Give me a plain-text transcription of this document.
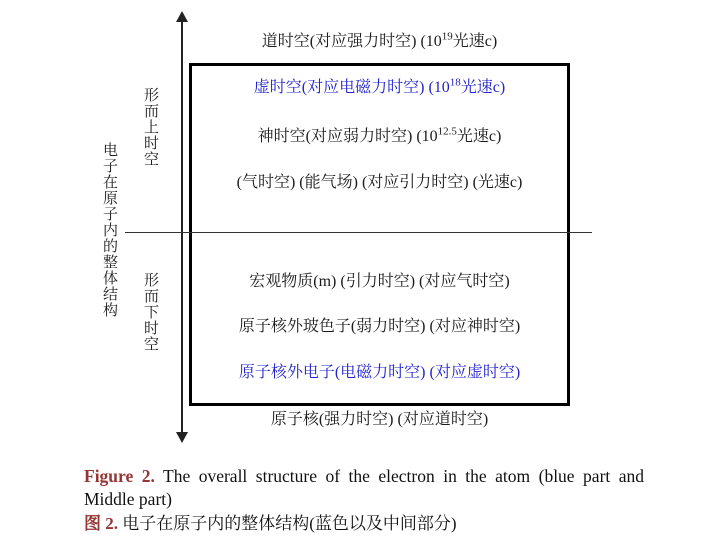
电子在原子内的整体结构
形而上时空
形而下时空
道时空(对应强力时空) ($10^{19}$光速c)
虚时空(对应电磁力时空) ($10^{18}$光速c)
神时空(对应弱力时空) ($10^{12.5}$光速c)
(气时空) (能气场) (对应引力时空) (光速c)
宏观物质(m) (引力时空) (对应气时空)
原子核外玻色子(弱力时空) (对应神时空)
原子核外电子(电磁力时空) (对应虚时空)
原子核(强力时空) (对应道时空)

Figure 2. The overall structure of the electron in the atom (blue part and Middle part)

图 2. 电子在原子内的整体结构(蓝色以及中间部分)
